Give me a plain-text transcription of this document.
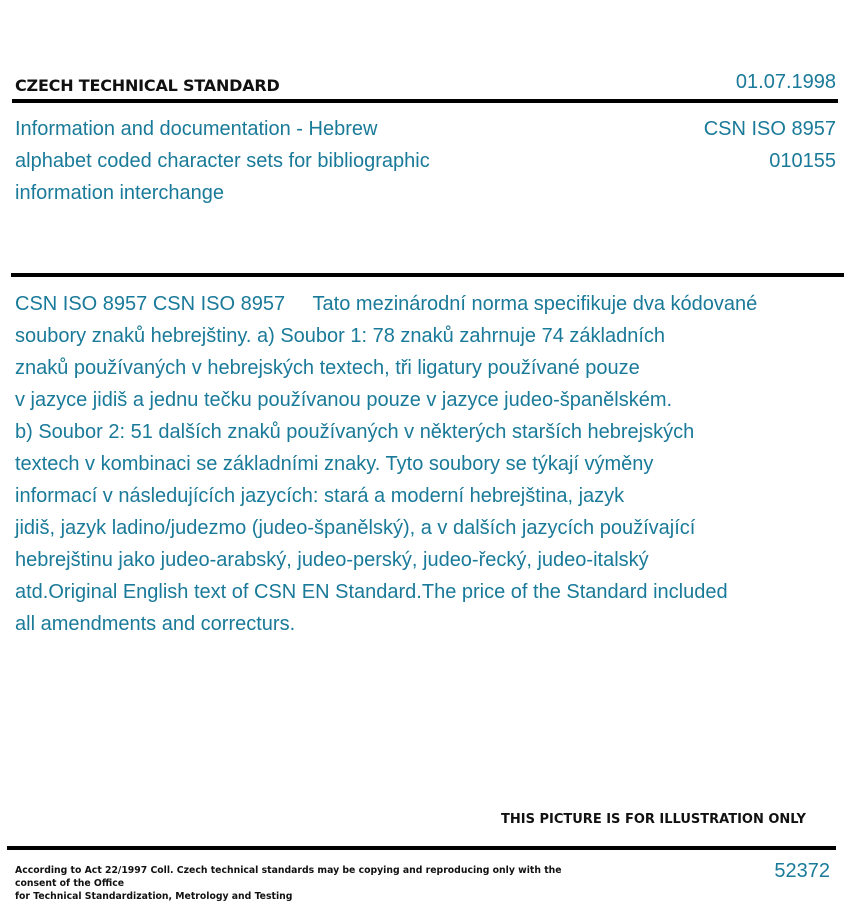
CZECH TECHNICAL STANDARD	01.07.1998
Information and documentation - Hebrew
alphabet coded character sets for bibliographic
information interchange
CSN ISO 8957
010155
CSN ISO 8957 CSN ISO 8957     Tato mezinárodní norma specifikuje dva kódované
soubory znaků hebrejštiny. a) Soubor 1: 78 znaků zahrnuje 74 základních
znaků používaných v hebrejských textech, tři ligatury používané pouze
v jazyce jidiš a jednu tečku používanou pouze v jazyce judeo-španělském.
b) Soubor 2: 51 dalších znaků používaných v některých starších hebrejských
textech v kombinaci se základními znaky. Tyto soubory se týkají výměny
informací v následujících jazycích: stará a moderní hebrejština, jazyk
jidiš, jazyk ladino/judezmo (judeo-španělský), a v dalších jazycích používající
hebrejštinu jako judeo-arabský, judeo-perský, judeo-řecký, judeo-italský
atd.Original English text of CSN EN Standard.The price of the Standard included
all amendments and correcturs.
THIS PICTURE IS FOR ILLUSTRATION ONLY
According to Act 22/1997 Coll. Czech technical standards may be copying and reproducing only with the consent of the Office
for Technical Standardization, Metrology and Testing
52372
